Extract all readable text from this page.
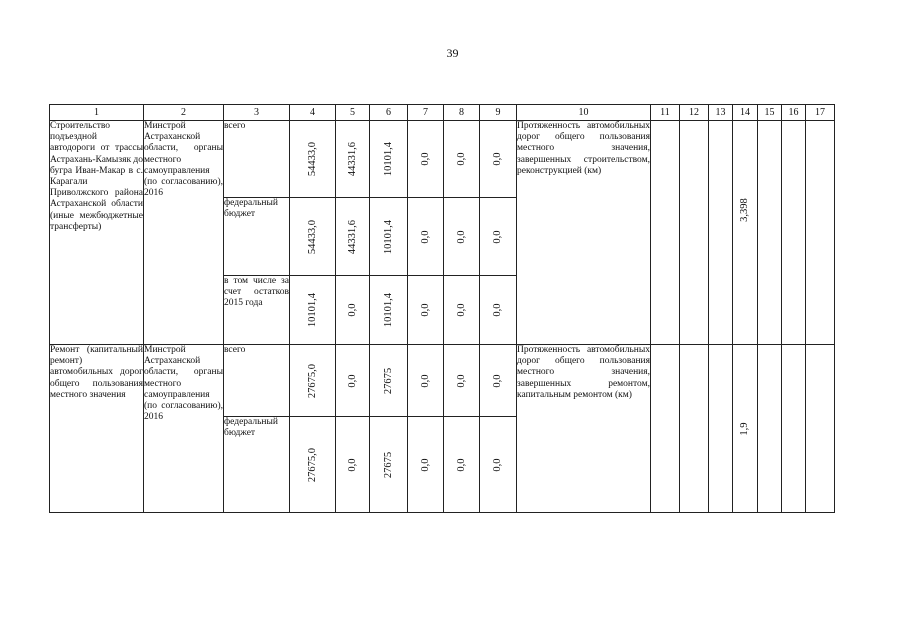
39
1	2	3	4	5	6	7	8	9	10	11	12	13	14	15	16	17
Строительство подъездной автодороги от трассы Астрахань-Камызяк до бугра Иван-Макар в с. Карагали Приволжского района Астраханской области (иные межбюджетные трансферты)	Минстрой Астраханской области, органы местного самоуправления (по согласованию), 2016	всего	54433,0	44331,6	10101,4	0,0	0,0	0,0	Протяженность автомобильных дорог общего пользования местного значения, завершенных строительством, реконструкцией (км)				3,398			

		федеральный бюджет	54433,0	44331,6	10101,4	0,0	0,0	0,0								

		в том числе за счет остатков 2015 года	10101,4	0,0	10101,4	0,0	0,0	0,0								

Ремонт (капитальный ремонт) автомобильных дорог общего пользования местного значения	Минстрой Астраханской области, органы местного самоуправления (по согласованию), 2016	всего	27675,0	0,0	27675	0,0	0,0	0,0	Протяженность автомобильных дорог общего пользования местного значения, завершенных ремонтом, капитальным ремонтом (км)				1,9			

		федеральный бюджет	27675,0	0,0	27675	0,0	0,0	0,0								
